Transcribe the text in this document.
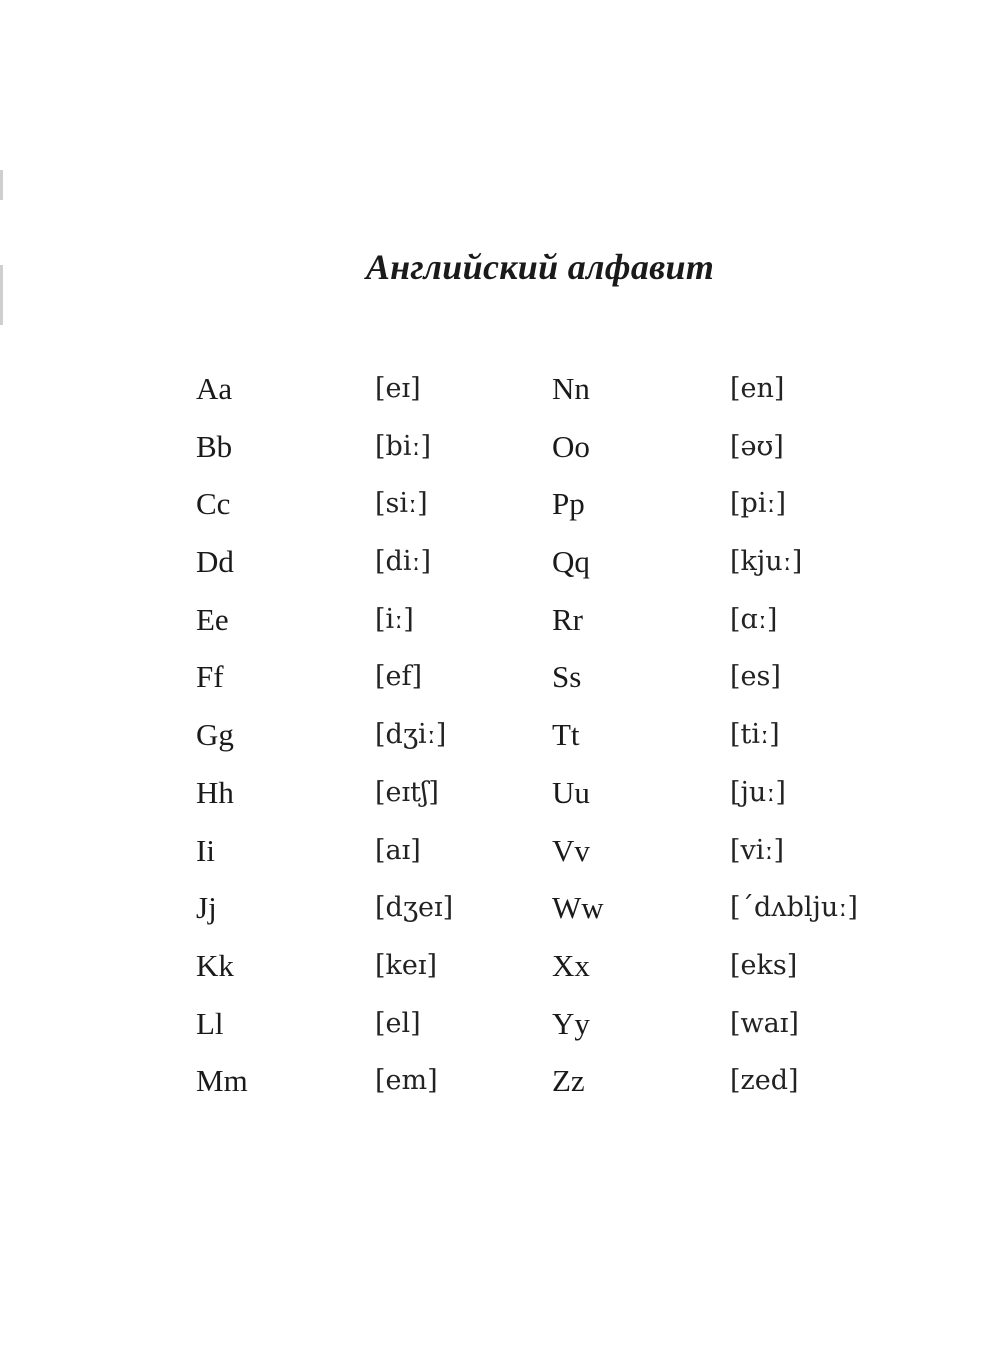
Английский алфавит
Aa
Bb
Cc
Dd
Ee
Ff
Gg
Hh
Ii
Jj
Kk
Ll
Mm
[eɪ]
[biː]
[siː]
[diː]
[iː]
[ef]
[dʒiː]
[eɪtʃ]
[aɪ]
[dʒeɪ]
[keɪ]
[el]
[em]
Nn
Oo
Pp
Qq
Rr
Ss
Tt
Uu
Vv
Ww
Xx
Yy
Zz
[en]
[əʊ]
[piː]
[kjuː]
[ɑː]
[es]
[tiː]
[juː]
[viː]
[ˊdʌbljuː]
[eks]
[waɪ]
[zed]
